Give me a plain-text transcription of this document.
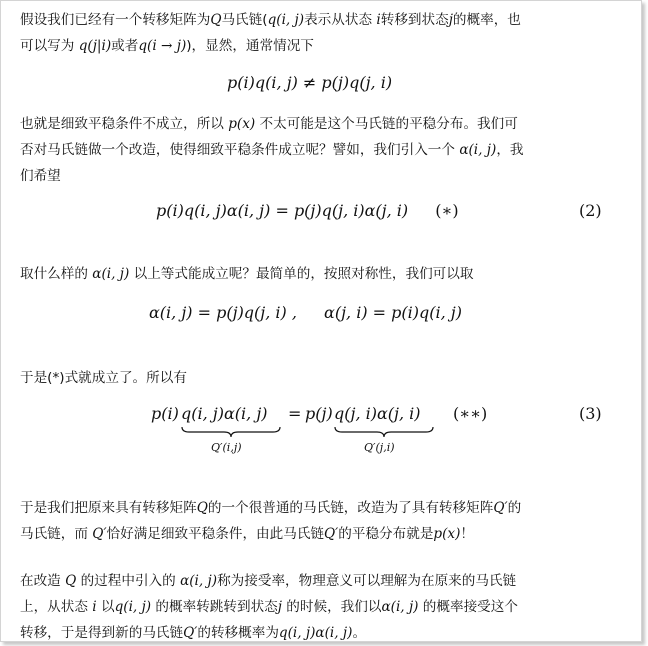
假设我们已经有一个转移矩阵为Q马氏链(q(i, j)表示从状态 i转移到状态j的概率，也
可以写为 q(j|i)或者q(i → j))，显然，通常情况下
p(i)q(i, j) ≠ p(j)q(j, i)
也就是细致平稳条件不成立，所以 p(x) 不太可能是这个马氏链的平稳分布。我们可
否对马氏链做一个改造，使得细致平稳条件成立呢？譬如，我们引入一个 α(i, j)，我
们希望
p(i)q(i, j)α(i, j) = p(j)q(j, i)α(j, i) (∗)	(2)
取什么样的 α(i, j) 以上等式能成立呢？最简单的，按照对称性，我们可以取
α(i, j) = p(j)q(j, i) , α(j, i) = p(i)q(i, j)
于是(*)式就成立了。所以有
p(i) q(i, j)α(i, j) = p(j) q(j, i)α(j, i)
Q′(i,j)	Q′(j,i)
(∗∗)	(3)
于是我们把原来具有转移矩阵Q的一个很普通的马氏链，改造为了具有转移矩阵Q′的
马氏链，而 Q′恰好满足细致平稳条件，由此马氏链Q′的平稳分布就是p(x)！
在改造 Q 的过程中引入的 α(i, j)称为接受率，物理意义可以理解为在原来的马氏链
上，从状态 i 以q(i, j) 的概率转跳转到状态j 的时候，我们以α(i, j) 的概率接受这个
转移，于是得到新的马氏链Q′的转移概率为q(i, j)α(i, j)。
